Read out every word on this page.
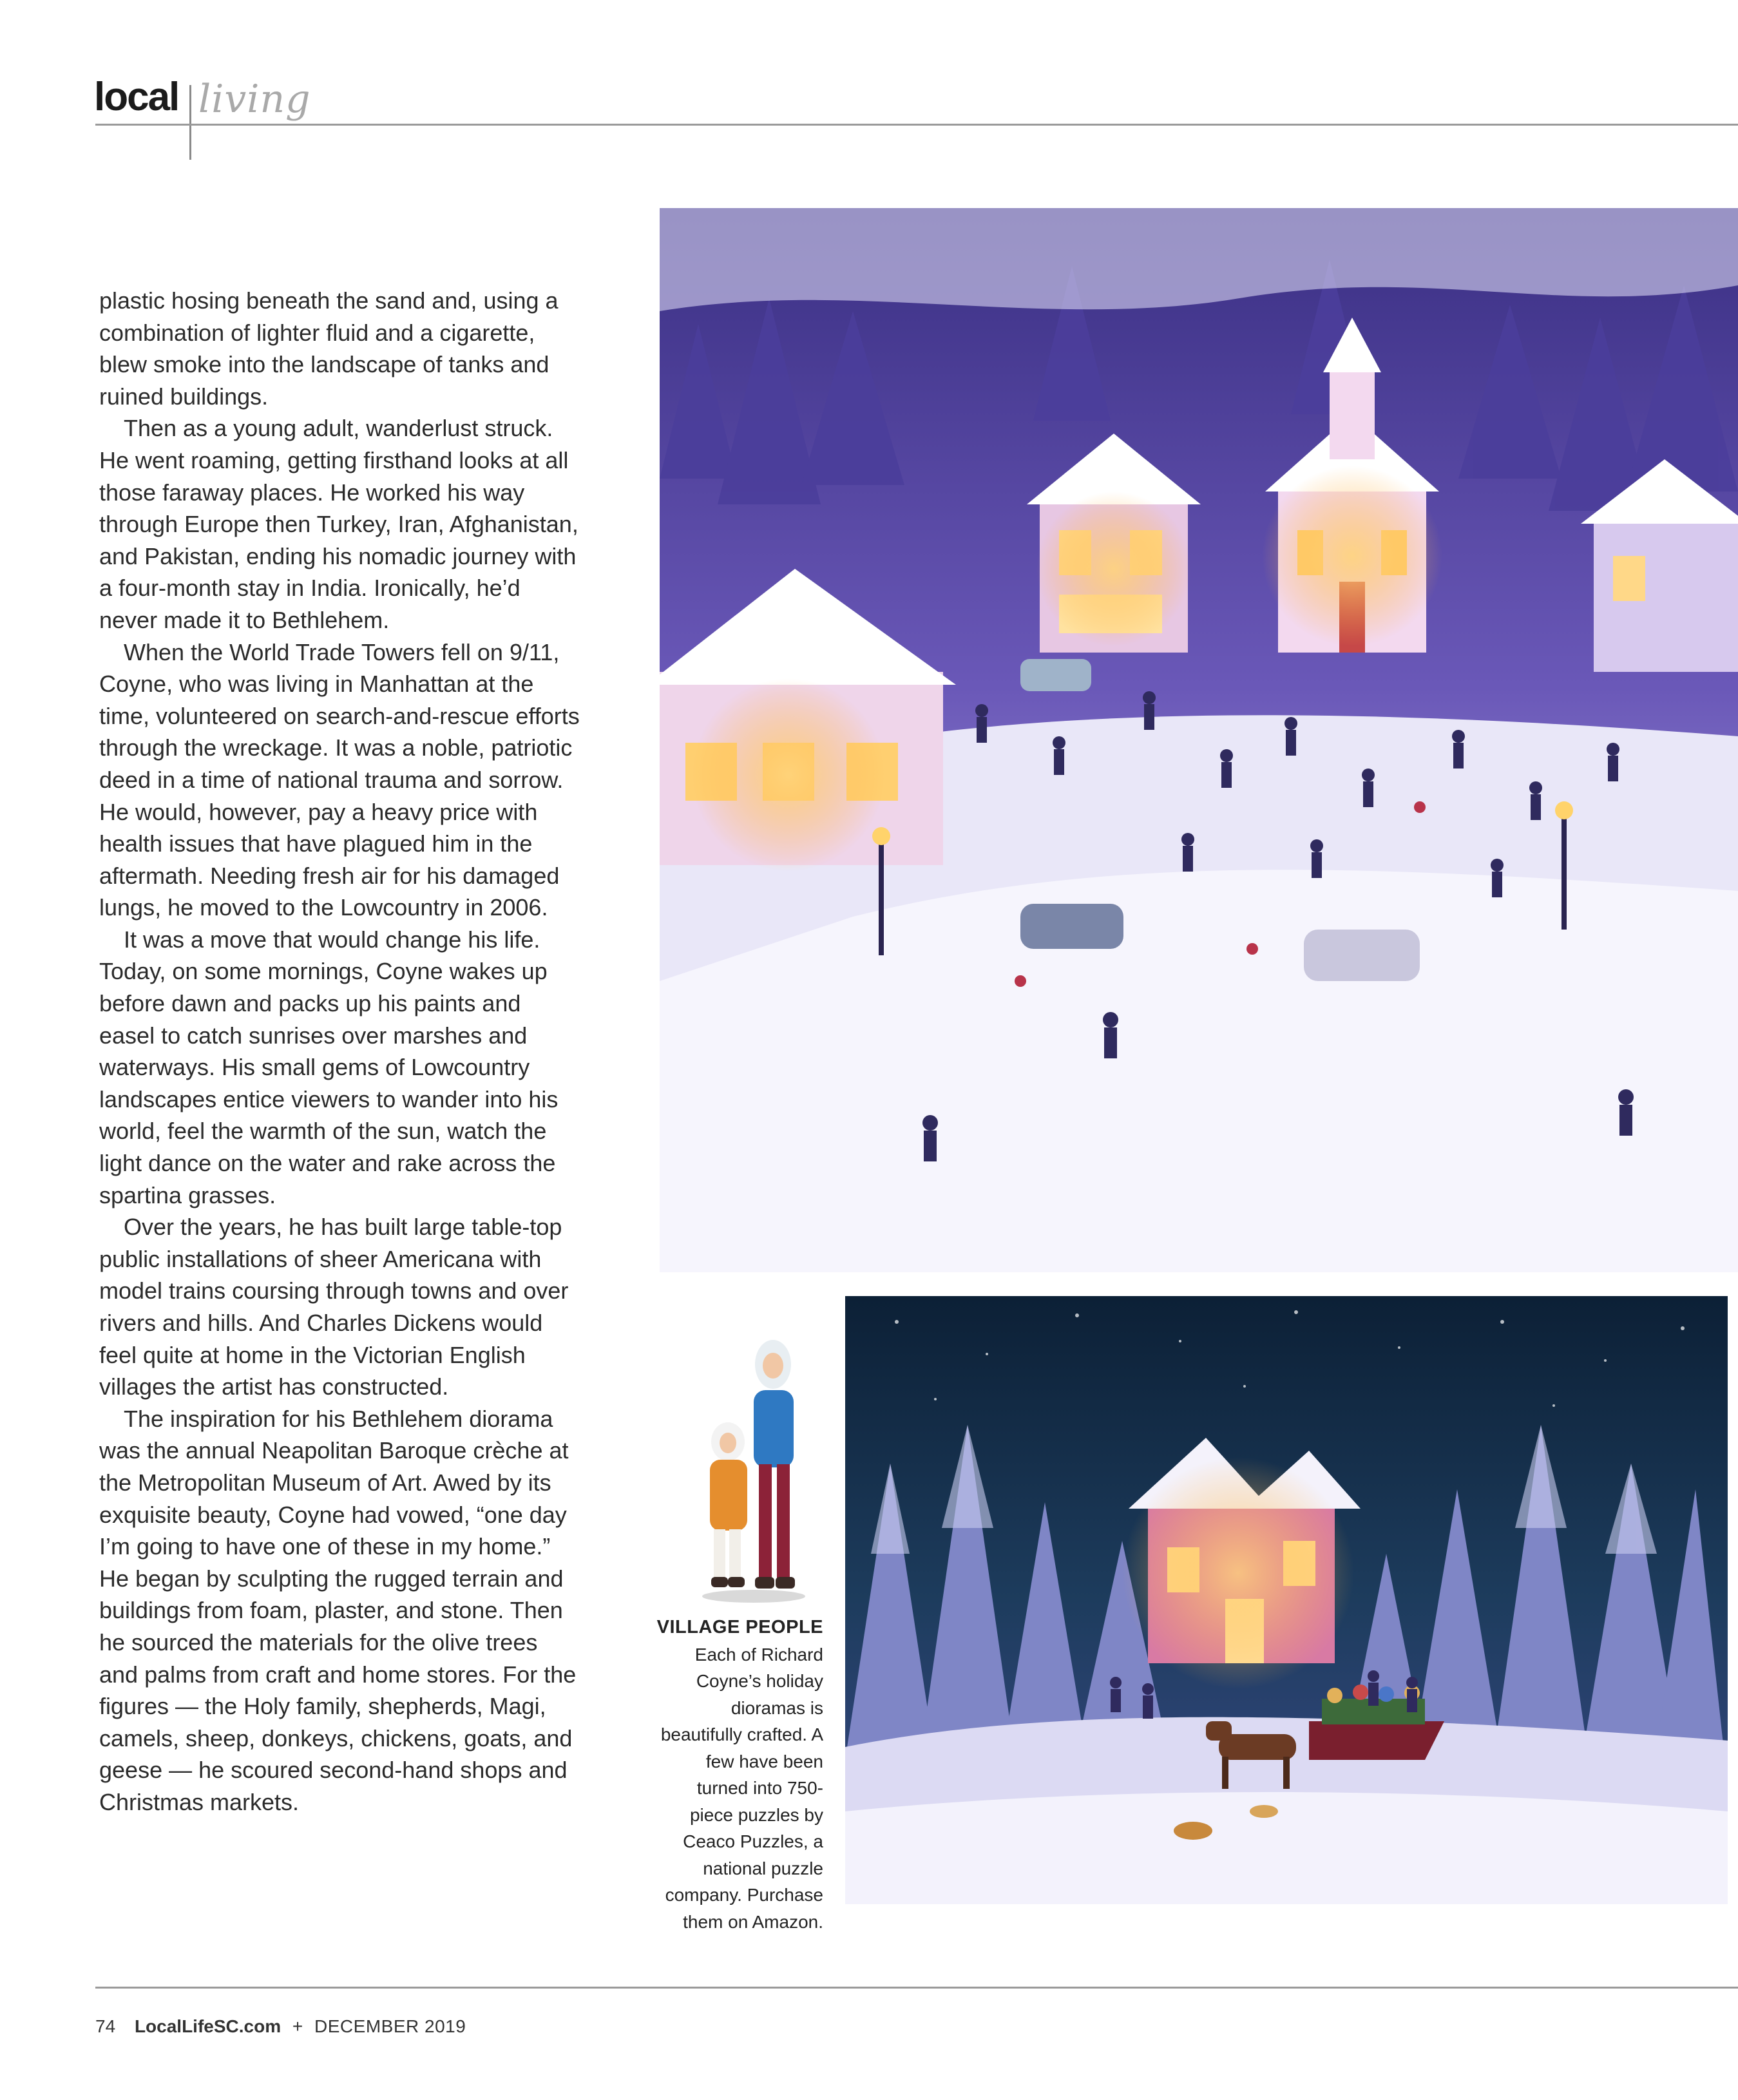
local living

plastic hosing beneath the sand and, using a combination of lighter fluid and a cigarette, blew smoke into the landscape of tanks and ruined buildings.

Then as a young adult, wanderlust struck. He went roaming, getting firsthand looks at all those faraway places. He worked his way through Europe then Turkey, Iran, Afghanistan, and Pakistan, ending his nomadic journey with a four-month stay in India. Ironically, he’d never made it to Bethlehem.

When the World Trade Towers fell on 9/11, Coyne, who was living in Manhattan at the time, volunteered on search-and-rescue efforts through the wreckage. It was a noble, patriotic deed in a time of national trauma and sorrow. He would, however, pay a heavy price with health issues that have plagued him in the aftermath. Needing fresh air for his damaged lungs, he moved to the Lowcountry in 2006.

It was a move that would change his life. Today, on some mornings, Coyne wakes up before dawn and packs up his paints and easel to catch sunrises over marshes and waterways. His small gems of Lowcountry landscapes entice viewers to wander into his world, feel the warmth of the sun, watch the light dance on the water and rake across the spartina grasses.

Over the years, he has built large table-top public installations of sheer Americana with model trains coursing through towns and over rivers and hills. And Charles Dickens would feel quite at home in the Victorian English villages the artist has constructed.

The inspiration for his Bethlehem diorama was the annual Neapolitan Baroque crèche at the Metropolitan Museum of Art. Awed by its exquisite beauty, Coyne had vowed, “one day I’m going to have one of these in my home.” He began by sculpting the rugged terrain and buildings from foam, plaster, and stone. Then he sourced the materials for the olive trees and palms from craft and home stores. For the figures — the Holy family, shepherds, Magi, camels, sheep, donkeys, chickens, goats, and geese — he scoured second-hand shops and Christmas markets.

VILLAGE PEOPLE
Each of Richard Coyne’s holiday dioramas is beautifully crafted. A few have been turned into 750-piece puzzles by Ceaco Puzzles, a national puzzle company. Purchase them on Amazon.
74 LocalLifeSC.com + DECEMBER 2019
